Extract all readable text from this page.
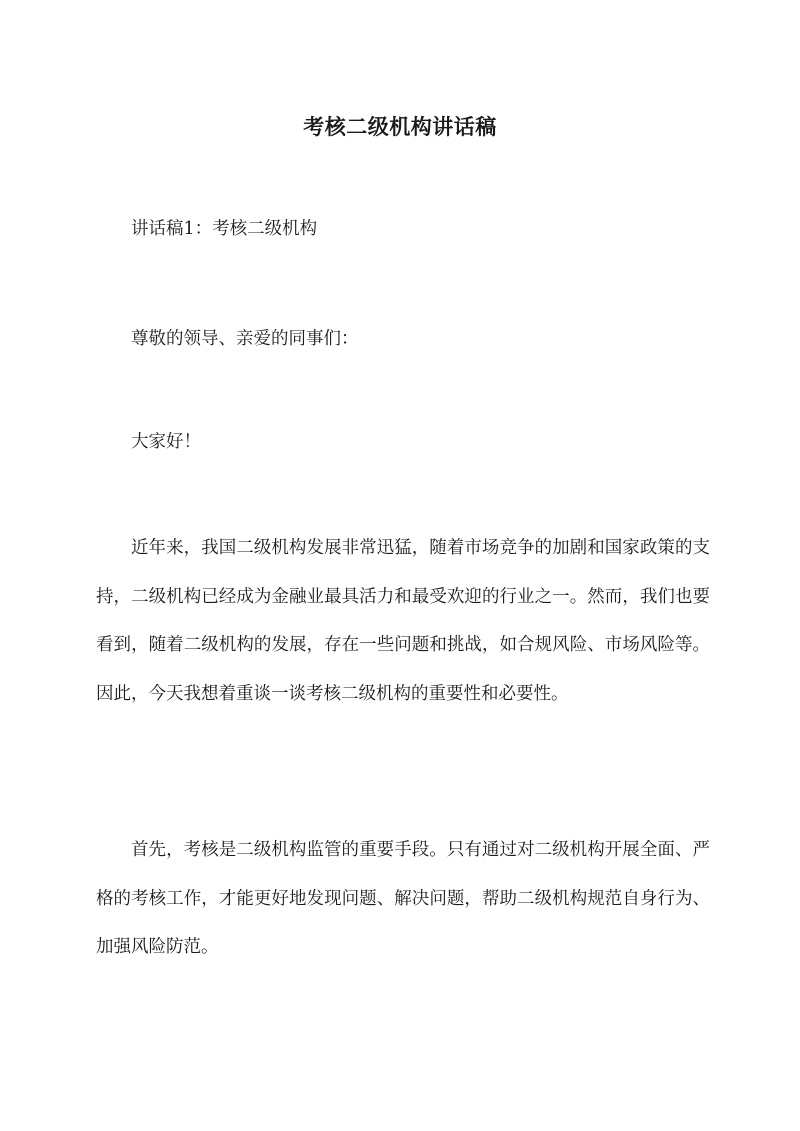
考核二级机构讲话稿

讲话稿1：考核二级机构

尊敬的领导、亲爱的同事们：

大家好！

近年来，我国二级机构发展非常迅猛，随着市场竞争的加剧和国家政策的支持，二级机构已经成为金融业最具活力和最受欢迎的行业之一。然而，我们也要看到，随着二级机构的发展，存在一些问题和挑战，如合规风险、市场风险等。因此，今天我想着重谈一谈考核二级机构的重要性和必要性。

首先，考核是二级机构监管的重要手段。只有通过对二级机构开展全面、严格的考核工作，才能更好地发现问题、解决问题，帮助二级机构规范自身行为、加强风险防范。
